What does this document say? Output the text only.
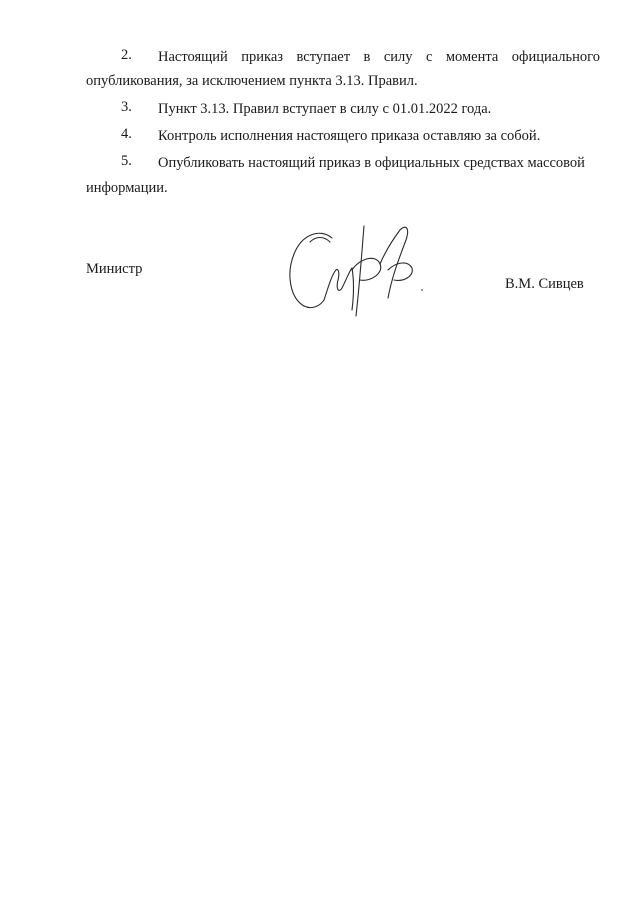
2.	Настоящий приказ вступает в силу с момента официального
опубликования, за исключением пункта 3.13. Правил.
3.	Пункт 3.13. Правил вступает в силу с 01.01.2022 года.
4.	Контроль исполнения настоящего приказа оставляю за собой.
5.	Опубликовать настоящий приказ в официальных средствах массовой
информации.
Министр
В.М. Сивцев
